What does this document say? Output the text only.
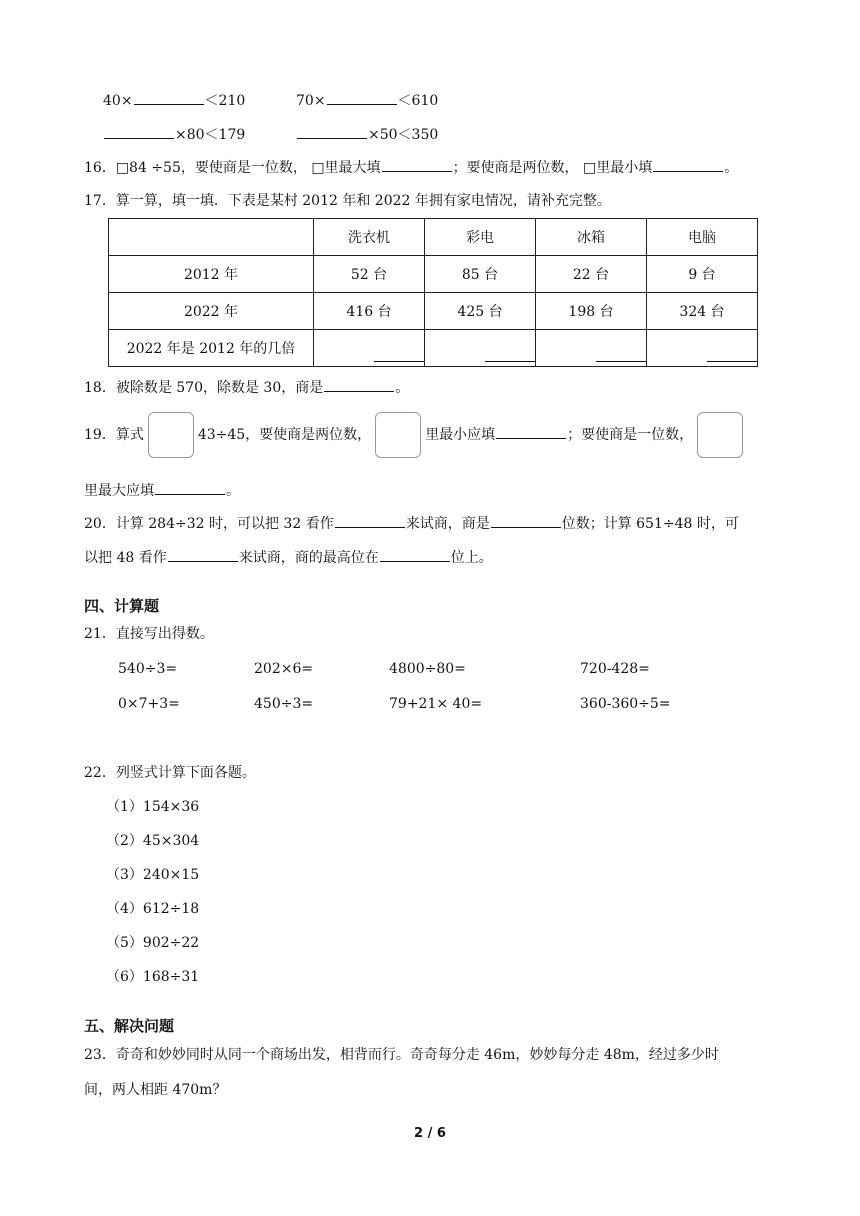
40×	＜210	70×	＜610
×80＜179	×50＜350
16．□84 ÷55，要使商是一位数， □里最大填	；要使商是两位数， □里最小填	。
17．算一算，填一填．下表是某村 2012 年和 2022 年拥有家电情况，请补充完整。
	洗衣机	彩电	冰箱	电脑
2012 年	52 台	85 台	22 台	9 台
2022 年	416 台	425 台	198 台	324 台
2022 年是 2012 年的几倍				
18．被除数是 570，除数是 30，商是	。
19．算式	43÷45，要使商是两位数，	里最小应填	；要使商是一位数，
里最大应填	。
20．计算 284÷32 时，可以把 32 看作	来试商，商是	位数；计算 651÷48 时，可
以把 48 看作	来试商，商的最高位在	位上。
四、计算题
21．直接写出得数。
540÷3=	202×6=	4800÷80=	720-428=
0×7+3=	450÷3=	79+21× 40=	360-360÷5=
22．列竖式计算下面各题。
（1）154×36
（2）45×304
（3）240×15
（4）612÷18
（5）902÷22
（6）168÷31
五、解决问题
23．奇奇和妙妙同时从同一个商场出发，相背而行。奇奇每分走 46m，妙妙每分走 48m，经过多少时
间，两人相距 470m？
2 / 6
